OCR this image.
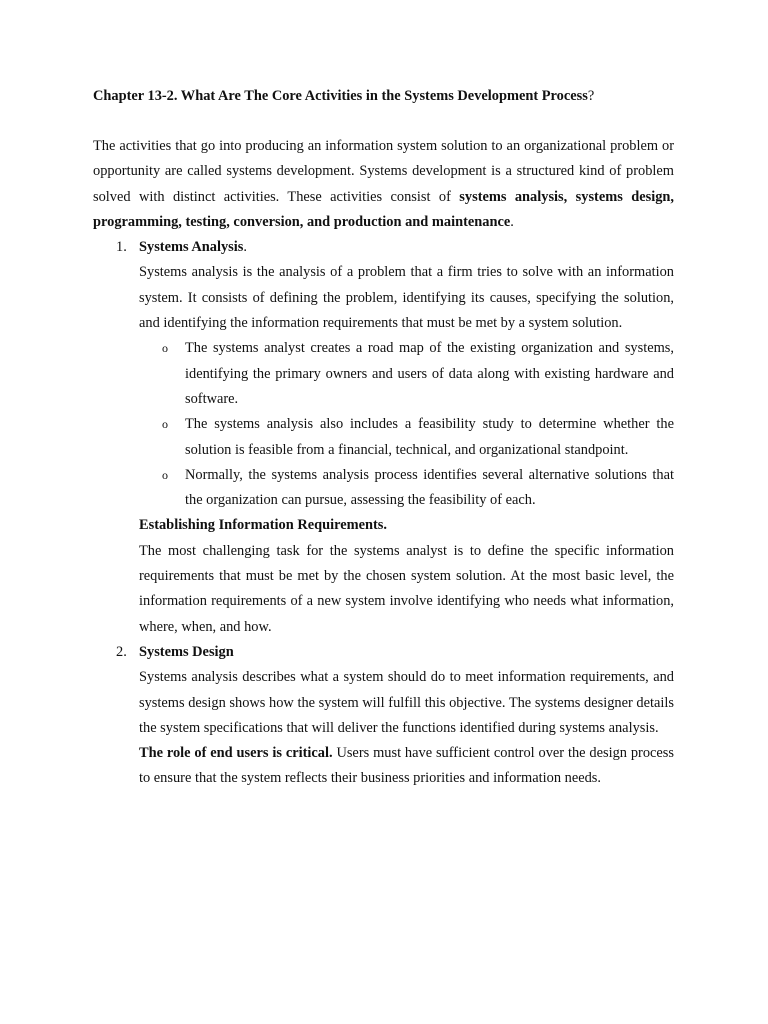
Chapter 13-2. What Are The Core Activities in the Systems Development Process?

The activities that go into producing an information system solution to an organizational problem or opportunity are called systems development. Systems development is a structured kind of problem solved with distinct activities. These activities consist of systems analysis, systems design, programming, testing, conversion, and production and maintenance.

1. Systems Analysis.

Systems analysis is the analysis of a problem that a firm tries to solve with an information system. It consists of defining the problem, identifying its causes, specifying the solution, and identifying the information requirements that must be met by a system solution.

o The systems analyst creates a road map of the existing organization and systems, identifying the primary owners and users of data along with existing hardware and software.

o The systems analysis also includes a feasibility study to determine whether the solution is feasible from a financial, technical, and organizational standpoint.

o Normally, the systems analysis process identifies several alternative solutions that the organization can pursue, assessing the feasibility of each.

Establishing Information Requirements.

The most challenging task for the systems analyst is to define the specific information requirements that must be met by the chosen system solution. At the most basic level, the information requirements of a new system involve identifying who needs what information, where, when, and how.

2. Systems Design

Systems analysis describes what a system should do to meet information requirements, and systems design shows how the system will fulfill this objective. The systems designer details the system specifications that will deliver the functions identified during systems analysis.

The role of end users is critical. Users must have sufficient control over the design process to ensure that the system reflects their business priorities and information needs.
